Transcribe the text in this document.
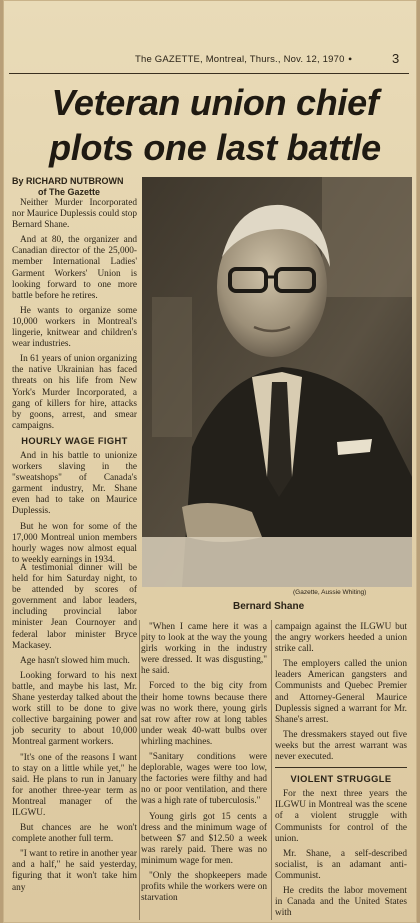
The GAZETTE, Montreal, Thurs., Nov. 12, 1970 •	3
Veteran union chief
plots one last battle
By RICHARD NUTBROWN
of The Gazette

Neither Murder Incorporated nor Maurice Duplessis could stop Bernard Shane.

And at 80, the organizer and Canadian director of the 25,000-member International Ladies' Garment Workers' Union is looking forward to one more battle before he retires.

He wants to organize some 10,000 workers in Montreal's lingerie, knitwear and children's wear industries.

In 61 years of union organizing the native Ukrainian has faced threats on his life from New York's Murder Incorporated, a gang of killers for hire, attacks by goons, arrest, and smear campaigns.

HOURLY WAGE FIGHT

And in his battle to unionize workers slaving in the "sweatshops" of Canada's garment industry, Mr. Shane even had to take on Maurice Duplessis.

But he won for some of the 17,000 Montreal union members hourly wages now almost equal to weekly earnings in 1934.

A testimonial dinner will be held for him Saturday night, to be attended by scores of government and labor leaders, including provincial labor minister Jean Cournoyer and federal labor minister Bryce Mackasey.

Age hasn't slowed him much.

Looking forward to his next battle, and maybe his last, Mr. Shane yesterday talked about the work still to be done to give collective bargaining power and job security to about 10,000 Montreal garment workers.

"It's one of the reasons I want to stay on a little while yet," he said. He plans to run in January for another three-year term as Montreal manager of the ILGWU.

But chances are he won't complete another full term.

"I want to retire in another year and a half," he said yesterday, figuring that it won't take him any

(Gazette, Aussie Whiting)
Bernard Shane

"When I came here it was a pity to look at the way the young girls working in the industry were dressed. It was disgusting," he said.

Forced to the big city from their home towns because there was no work there, young girls sat row after row at long tables under weak 40-watt bulbs over whirling machines.

"Sanitary conditions were deplorable, wages were too low, the factories were filthy and had no or poor ventilation, and there was a high rate of tuberculosis."

Young girls got 15 cents a dress and the minimum wage of between $7 and $12.50 a week was rarely paid. There was no minimum wage for men.

"Only the shopkeepers made profits while the workers were on starvation

campaign against the ILGWU but the angry workers heeded a union strike call.

The employers called the union leaders American gangsters and Communists and Quebec Premier and Attorney-General Maurice Duplessis signed a warrant for Mr. Shane's arrest.

The dressmakers stayed out five weeks but the arrest warrant was never executed.

VIOLENT STRUGGLE

For the next three years the ILGWU in Montreal was the scene of a violent struggle with Communists for control of the union.

Mr. Shane, a self-described socialist, is an adamant anti-Communist.

He credits the labor movement in Canada and the United States with
